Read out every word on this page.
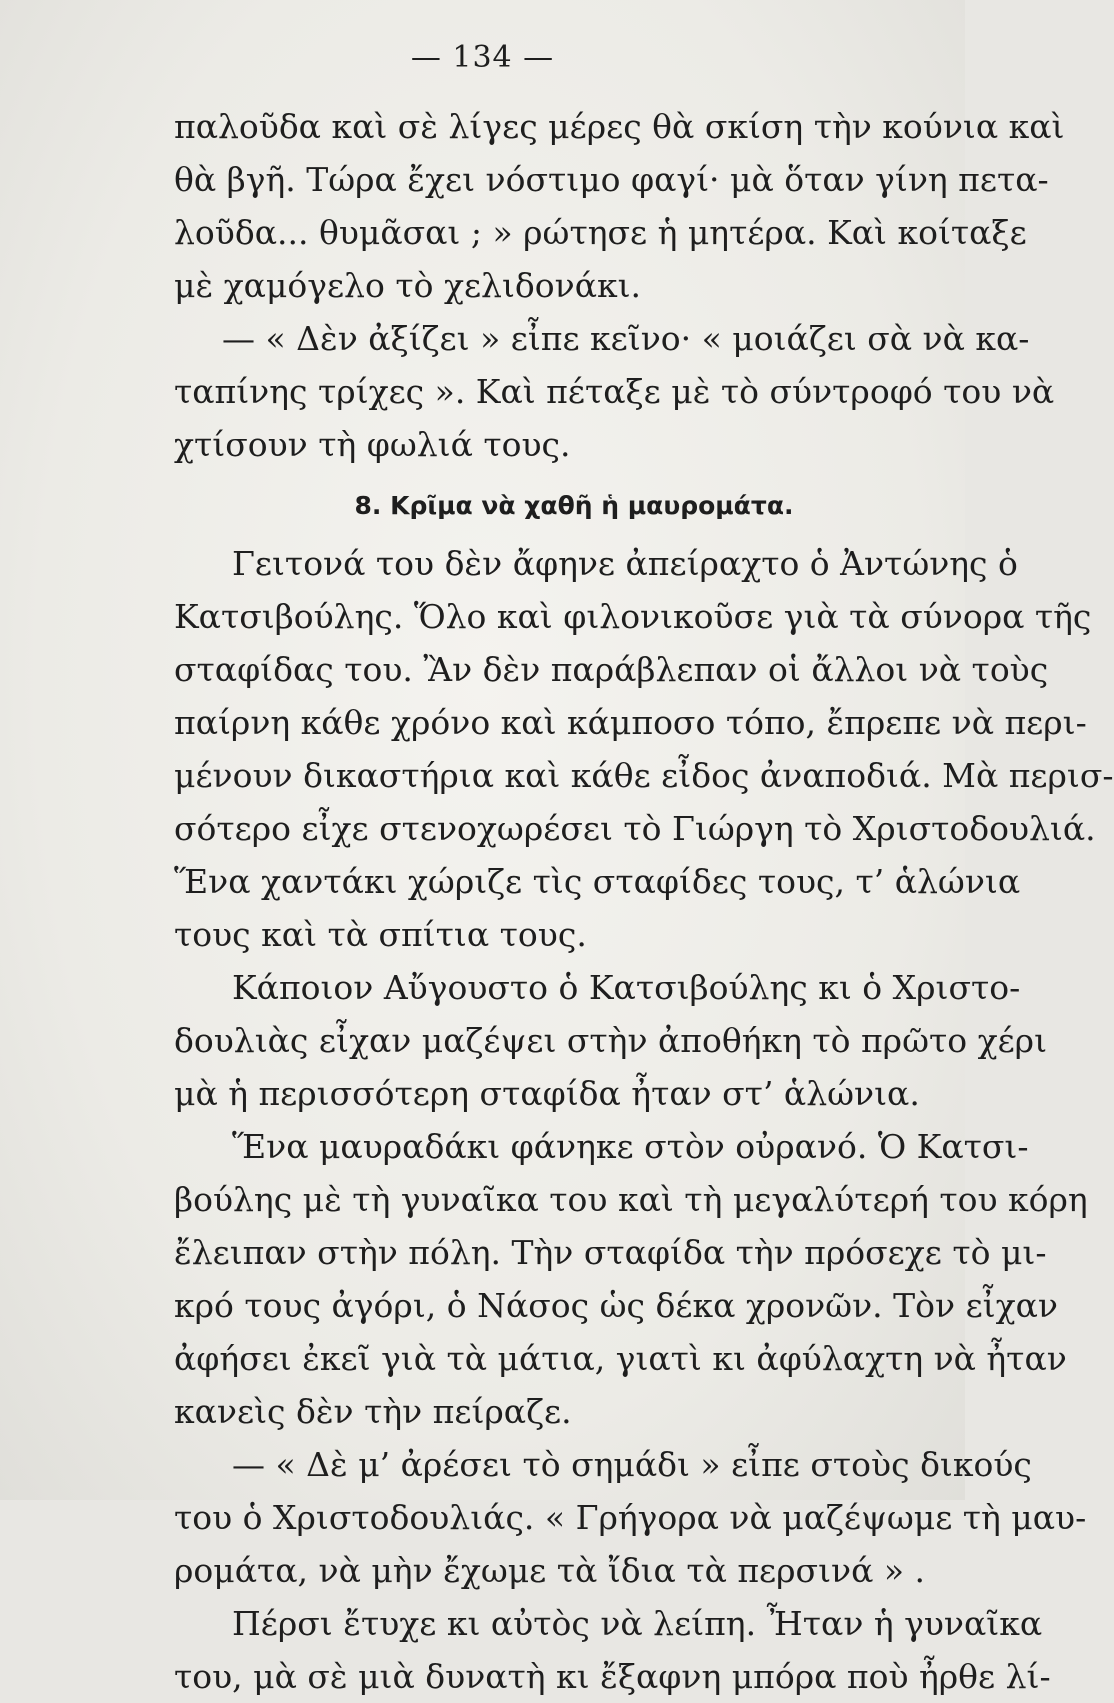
— 134 —
παλοῦδα καὶ σὲ λίγες μέρες θὰ σκίση τὴν κούνια καὶ
θὰ βγῆ. Τώρα ἔχει νόστιμο φαγί· μὰ ὅταν γίνη πετα-
λοῦδα... θυμᾶσαι ; » ρώτησε ἡ μητέρα. Καὶ κοίταξε
μὲ χαμόγελο τὸ χελιδονάκι.
— « Δὲν ἀξίζει » εἶπε κεῖνο· « μοιάζει σὰ νὰ κα-
ταπίνης τρίχες ». Καὶ πέταξε μὲ τὸ σύντροφό του νὰ
χτίσουν τὴ φωλιά τους.
8. Κρῖμα νὰ χαθῆ ἡ μαυρομάτα.
Γειτονά του δὲν ἄφηνε ἀπείραχτο ὁ Ἀντώνης ὁ
Κατσιβούλης. Ὅλο καὶ φιλονικοῦσε γιὰ τὰ σύνορα τῆς
σταφίδας του. Ἂν δὲν παράβλεπαν οἱ ἄλλοι νὰ τοὺς
παίρνη κάθε χρόνο καὶ κάμποσο τόπο, ἔπρεπε νὰ περι-
μένουν δικαστήρια καὶ κάθε εἶδος ἀναποδιά. Μὰ περισ-
σότερο εἶχε στενοχωρέσει τὸ Γιώργη τὸ Χριστοδουλιά.
Ἕνα χαντάκι χώριζε τὶς σταφίδες τους, τ’ ἁλώνια
τους καὶ τὰ σπίτια τους.
Κάποιον Αὔγουστο ὁ Κατσιβούλης κι ὁ Χριστο-
δουλιὰς εἶχαν μαζέψει στὴν ἀποθήκη τὸ πρῶτο χέρι
μὰ ἡ περισσότερη σταφίδα ἦταν στ’ ἁλώνια.
Ἕνα μαυραδάκι φάνηκε στὸν οὐρανό. Ὁ Κατσι-
βούλης μὲ τὴ γυναῖκα του καὶ τὴ μεγαλύτερή του κόρη
ἔλειπαν στὴν πόλη. Τὴν σταφίδα τὴν πρόσεχε τὸ μι-
κρό τους ἀγόρι, ὁ Νάσος ὡς δέκα χρονῶν. Τὸν εἶχαν
ἀφήσει ἐκεῖ γιὰ τὰ μάτια, γιατὶ κι ἀφύλαχτη νὰ ἦταν
κανεὶς δὲν τὴν πείραζε.
— « Δὲ μ’ ἀρέσει τὸ σημάδι » εἶπε στοὺς δικούς
του ὁ Χριστοδουλιάς. « Γρήγορα νὰ μαζέψωμε τὴ μαυ-
ρομάτα, νὰ μὴν ἔχωμε τὰ ἴδια τὰ περσινά » .
Πέρσι ἔτυχε κι αὐτὸς νὰ λείπη. Ἦταν ἡ γυναῖκα
του, μὰ σὲ μιὰ δυνατὴ κι ἔξαφνη μπόρα ποὺ ἦρθε λί-
